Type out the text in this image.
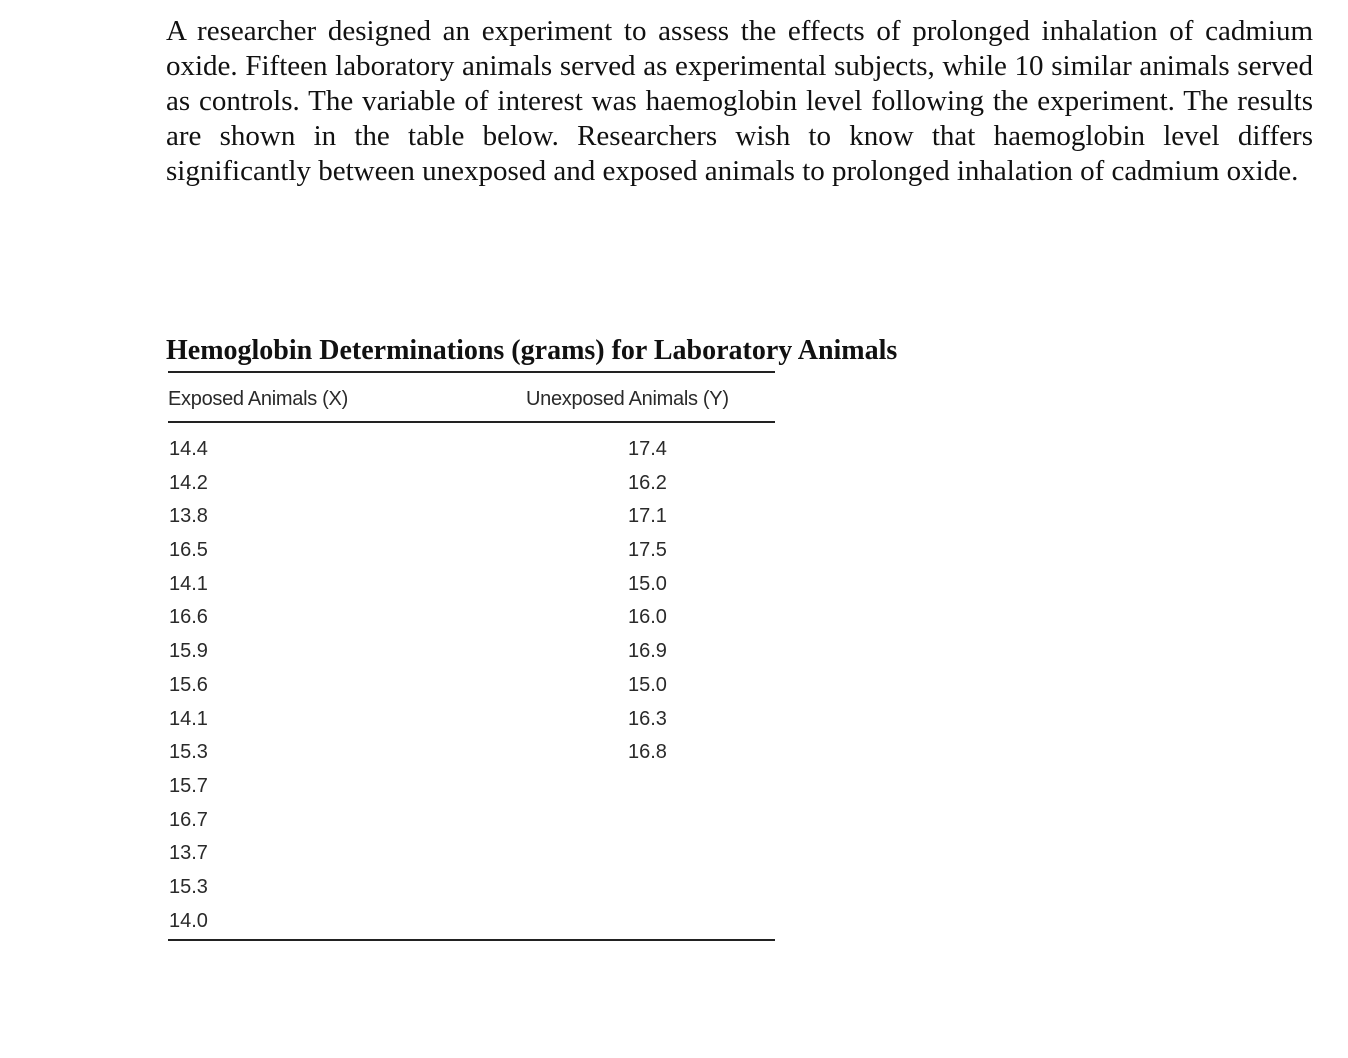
A researcher designed an experiment to assess the effects of prolonged inhalation of cadmium oxide. Fifteen laboratory animals served as experimental subjects, while 10 similar animals served as controls. The variable of interest was haemoglobin level following the experiment. The results are shown in the table below. Researchers wish to know that haemoglobin level differs significantly between unexposed and exposed animals to prolonged inhalation of cadmium oxide.

Hemoglobin Determinations (grams) for Laboratory Animals
Exposed Animals (X)	Unexposed Animals (Y)
14.4
14.2
13.8
16.5
14.1
16.6
15.9
15.6
14.1
15.3
15.7
16.7
13.7
15.3
14.0
17.4
16.2
17.1
17.5
15.0
16.0
16.9
15.0
16.3
16.8
